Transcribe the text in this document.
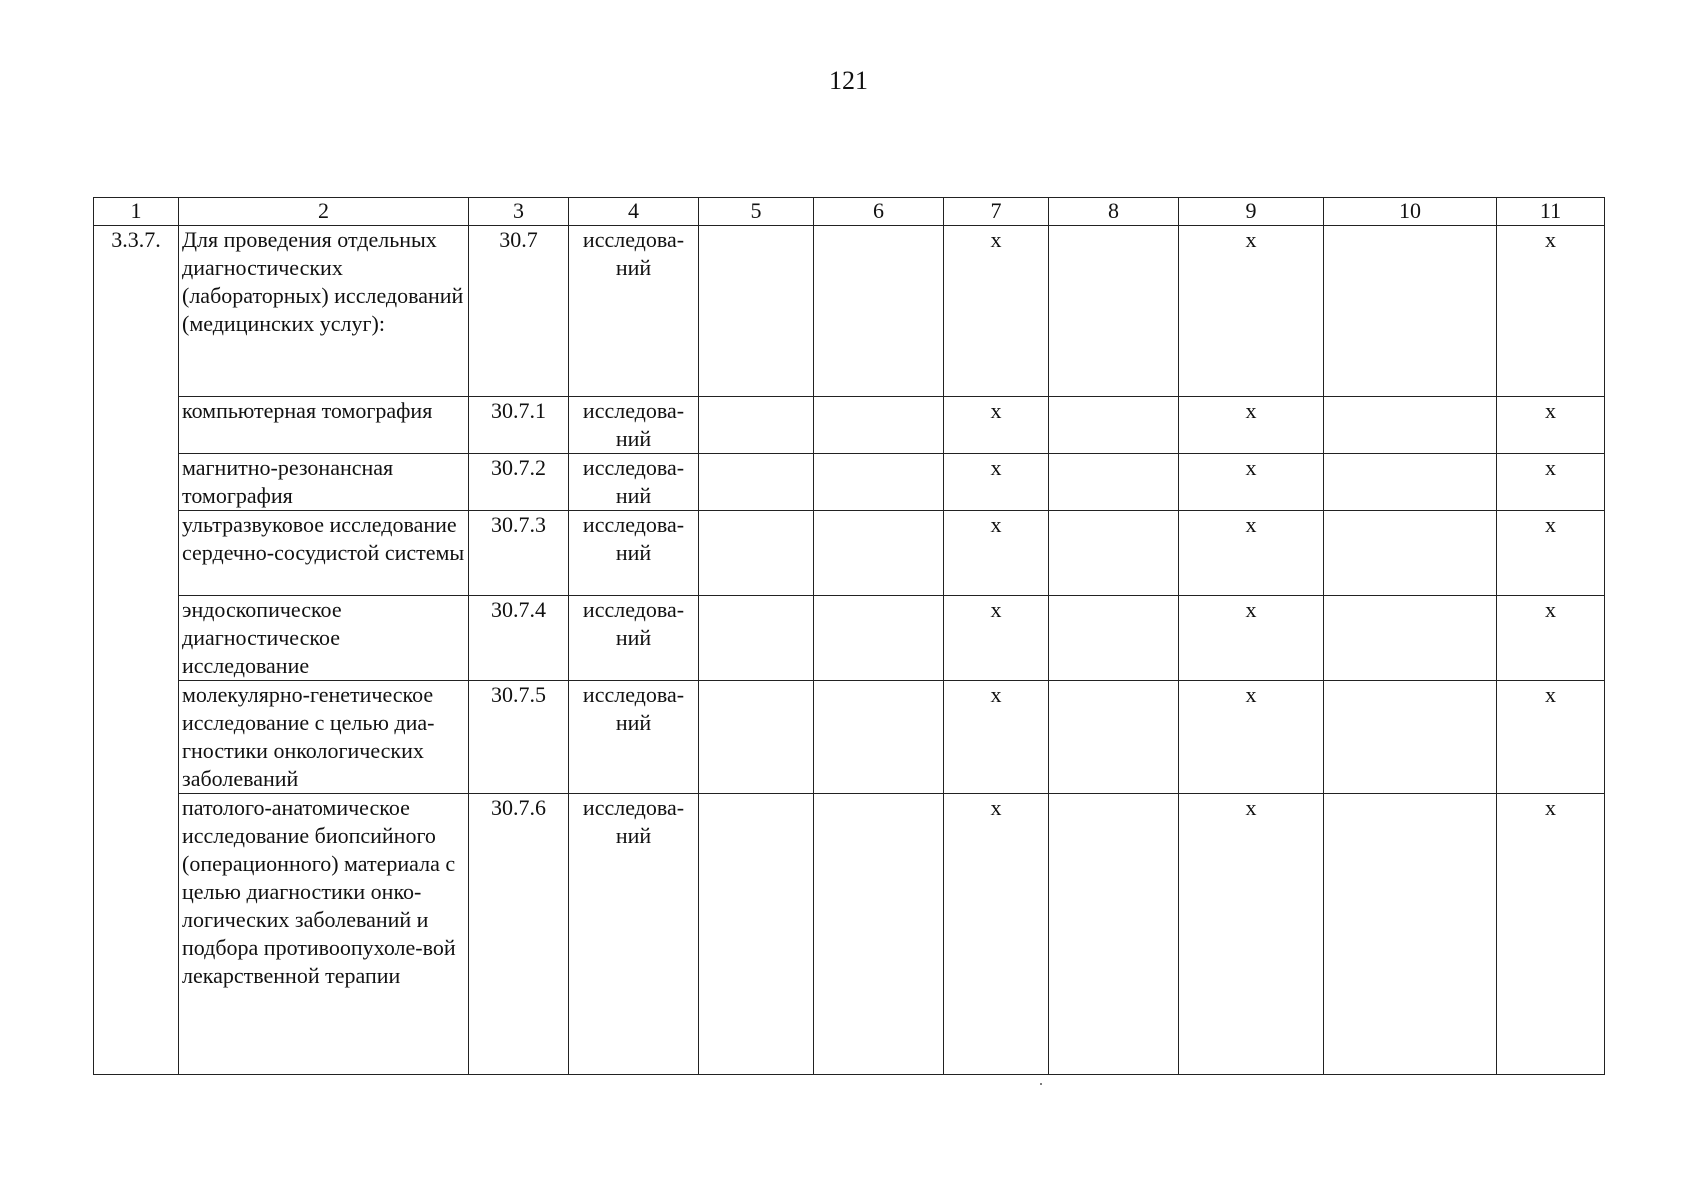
121
1	2	3	4	5	6	7	8	9	10	11
3.3.7.	Для проведения отдельных диагностических (лабораторных) исследований (медицинских услуг):	30.7	исследова-ний			х		х		х
	компьютерная томография	30.7.1	исследова-ний			х		х		х
	магнитно-резонансная томография	30.7.2	исследова-ний			х		х		х
	ультразвуковое исследование сердечно-сосудистой системы	30.7.3	исследова-ний			х		х		х
	эндоскопическое диагностическое исследование	30.7.4	исследова-ний			х		х		х
	молекулярно-генетическое исследование с целью диа-гностики онкологических заболеваний	30.7.5	исследова-ний			х		х		х
	патолого-анатомическое исследование биопсийного (операционного) материала с целью диагностики онко-логических заболеваний и подбора противоопухоле-вой лекарственной терапии	30.7.6	исследова-ний			х		х		х
